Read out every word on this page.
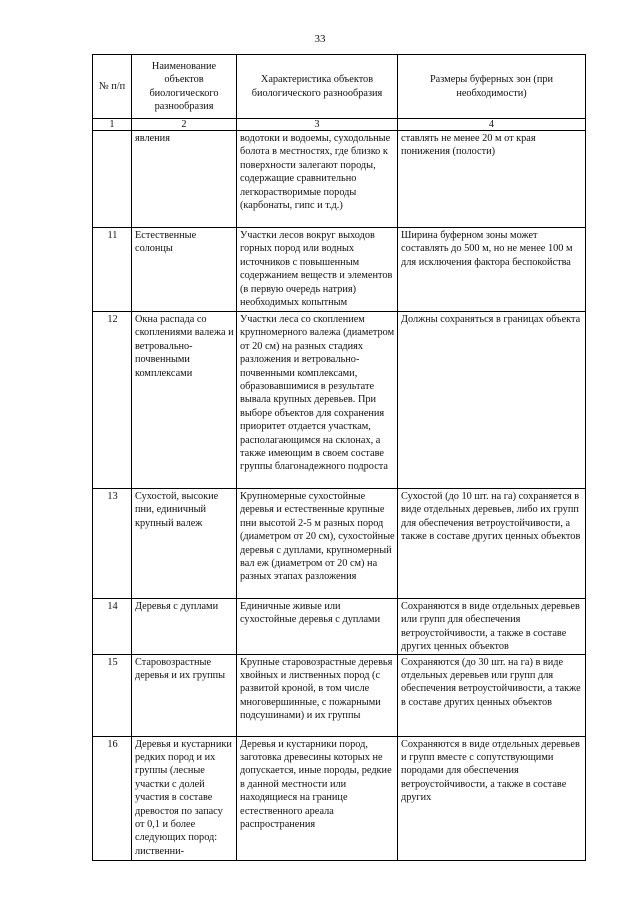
33
№ п/п	Наименование объектов биологического разнообразия	Характеристика объектов биологического разнообразия	Размеры буферных зон (при необходимости)
1	2	3	4
	явления	водотоки и водоемы, суходольные болота в местностях, где близко к поверхности залегают породы, содержащие сравнительно легкорастворимые породы (карбонаты, гипс и т.д.)	ставлять не менее 20 м от края понижения (полости)
11	Естественные солонцы	Участки лесов вокруг выходов горных пород или водных источников с повышенным содержанием веществ и элементов (в первую очередь натрия) необходимых копытным	Ширина буферном зоны может составлять до 500 м, но не менее 100 м для исключения фактора беспокойства
12	Окна распада со скоплениями валежа и ветровально-почвенными комплексами	Участки леса со скоплением крупномерного валежа (диаметром от 20 см) на разных стадиях разложения и ветровально-почвенными комплексами, образовавшимися в результате вывала крупных деревьев. При выборе объектов для сохранения приоритет отдается участкам, располагающимся на склонах, а также имеющим в своем составе группы благонадежного подроста	Должны сохраняться в границах объекта
13	Сухостой, высокие пни, единичный крупный валеж	Крупномерные сухостойные деревья и естественные крупные пни высотой 2-5 м разных пород (диаметром от 20 см), сухостойные деревья с дуплами, крупномерный вал еж (диаметром от 20 см) на разных этапах разложения	Сухостой (до 10 шт. на га) сохраняется в виде отдельных деревьев, либо их групп для обеспечения ветроустойчивости, а также в составе других ценных объектов
14	Деревья с дуплами	Единичные живые или сухостойные деревья с дуплами	Сохраняются в виде отдельных деревьев или групп для обеспечения ветроустойчивости, а также в составе других ценных объектов
15	Старовозрастные деревья и их группы	Крупные старовозрастные деревья хвойных и лиственных пород (с развитой кроной, в том числе многовершинные, с пожарными подсушинами) и их группы	Сохраняются (до 30 шт. на га) в виде отдельных деревьев или групп для обеспечения ветроустойчивости, а также в составе других ценных объектов
16	Деревья и кустарники редких пород и их группы (лесные участки с долей участия в составе древостоя по запасу от 0,1 и более следующих пород: лиственни-	Деревья и кустарники пород, заготовка древесины которых не допускается, иные породы, редкие в данной местности или находящиеся на границе естественного ареала распространения	Сохраняются в виде отдельных деревьев и групп вместе с сопутствующими породами для обеспечения ветроустойчивости, а также в составе других
